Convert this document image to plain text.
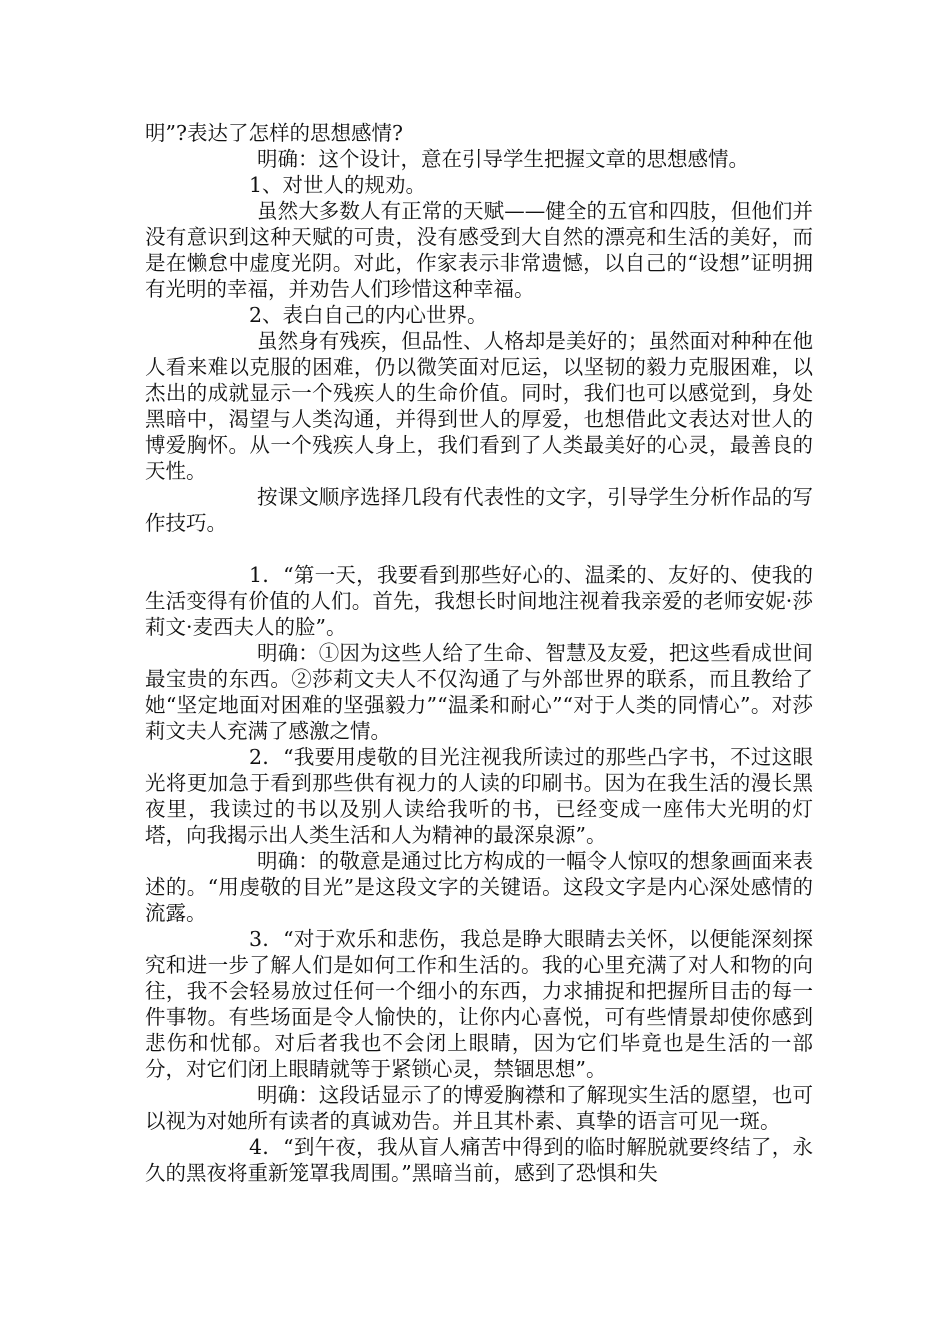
明”?表达了怎样的思想感情?

明确：这个设计，意在引导学生把握文章的思想感情。

1、对世人的规劝。

虽然大多数人有正常的天赋——健全的五官和四肢，但他们并没有意识到这种天赋的可贵，没有感受到大自然的漂亮和生活的美好，而是在懒怠中虚度光阴。对此，作家表示非常遗憾，以自己的“设想”证明拥有光明的幸福，并劝告人们珍惜这种幸福。

2、表白自己的内心世界。

虽然身有残疾，但品性、人格却是美好的；虽然面对种种在他人看来难以克服的困难，仍以微笑面对厄运，以坚韧的毅力克服困难，以杰出的成就显示一个残疾人的生命价值。同时，我们也可以感觉到，身处黑暗中，渴望与人类沟通，并得到世人的厚爱，也想借此文表达对世人的博爱胸怀。从一个残疾人身上，我们看到了人类最美好的心灵，最善良的天性。

按课文顺序选择几段有代表性的文字，引导学生分析作品的写作技巧。

1．“第一天，我要看到那些好心的、温柔的、友好的、使我的生活变得有价值的人们。首先，我想长时间地注视着我亲爱的老师安妮·莎莉文·麦西夫人的脸”。

明确：①因为这些人给了生命、智慧及友爱，把这些看成世间最宝贵的东西。②莎莉文夫人不仅沟通了与外部世界的联系，而且教给了她“坚定地面对困难的坚强毅力”“温柔和耐心”“对于人类的同情心”。对莎莉文夫人充满了感激之情。

2．“我要用虔敬的目光注视我所读过的那些凸字书，不过这眼光将更加急于看到那些供有视力的人读的印刷书。因为在我生活的漫长黑夜里，我读过的书以及别人读给我听的书，已经变成一座伟大光明的灯塔，向我揭示出人类生活和人为精神的最深泉源”。

明确：的敬意是通过比方构成的一幅令人惊叹的想象画面来表述的。“用虔敬的目光”是这段文字的关键语。这段文字是内心深处感情的流露。

3．“对于欢乐和悲伤，我总是睁大眼睛去关怀，以便能深刻探究和进一步了解人们是如何工作和生活的。我的心里充满了对人和物的向往，我不会轻易放过任何一个细小的东西，力求捕捉和把握所目击的每一件事物。有些场面是令人愉快的，让你内心喜悦，可有些情景却使你感到悲伤和忧郁。对后者我也不会闭上眼睛，因为它们毕竟也是生活的一部分，对它们闭上眼睛就等于紧锁心灵，禁锢思想”。

明确：这段话显示了的博爱胸襟和了解现实生活的愿望，也可以视为对她所有读者的真诚劝告。并且其朴素、真挚的语言可见一斑。

4．“到午夜，我从盲人痛苦中得到的临时解脱就要终结了，永久的黑夜将重新笼罩我周围。”黑暗当前，感到了恐惧和失
